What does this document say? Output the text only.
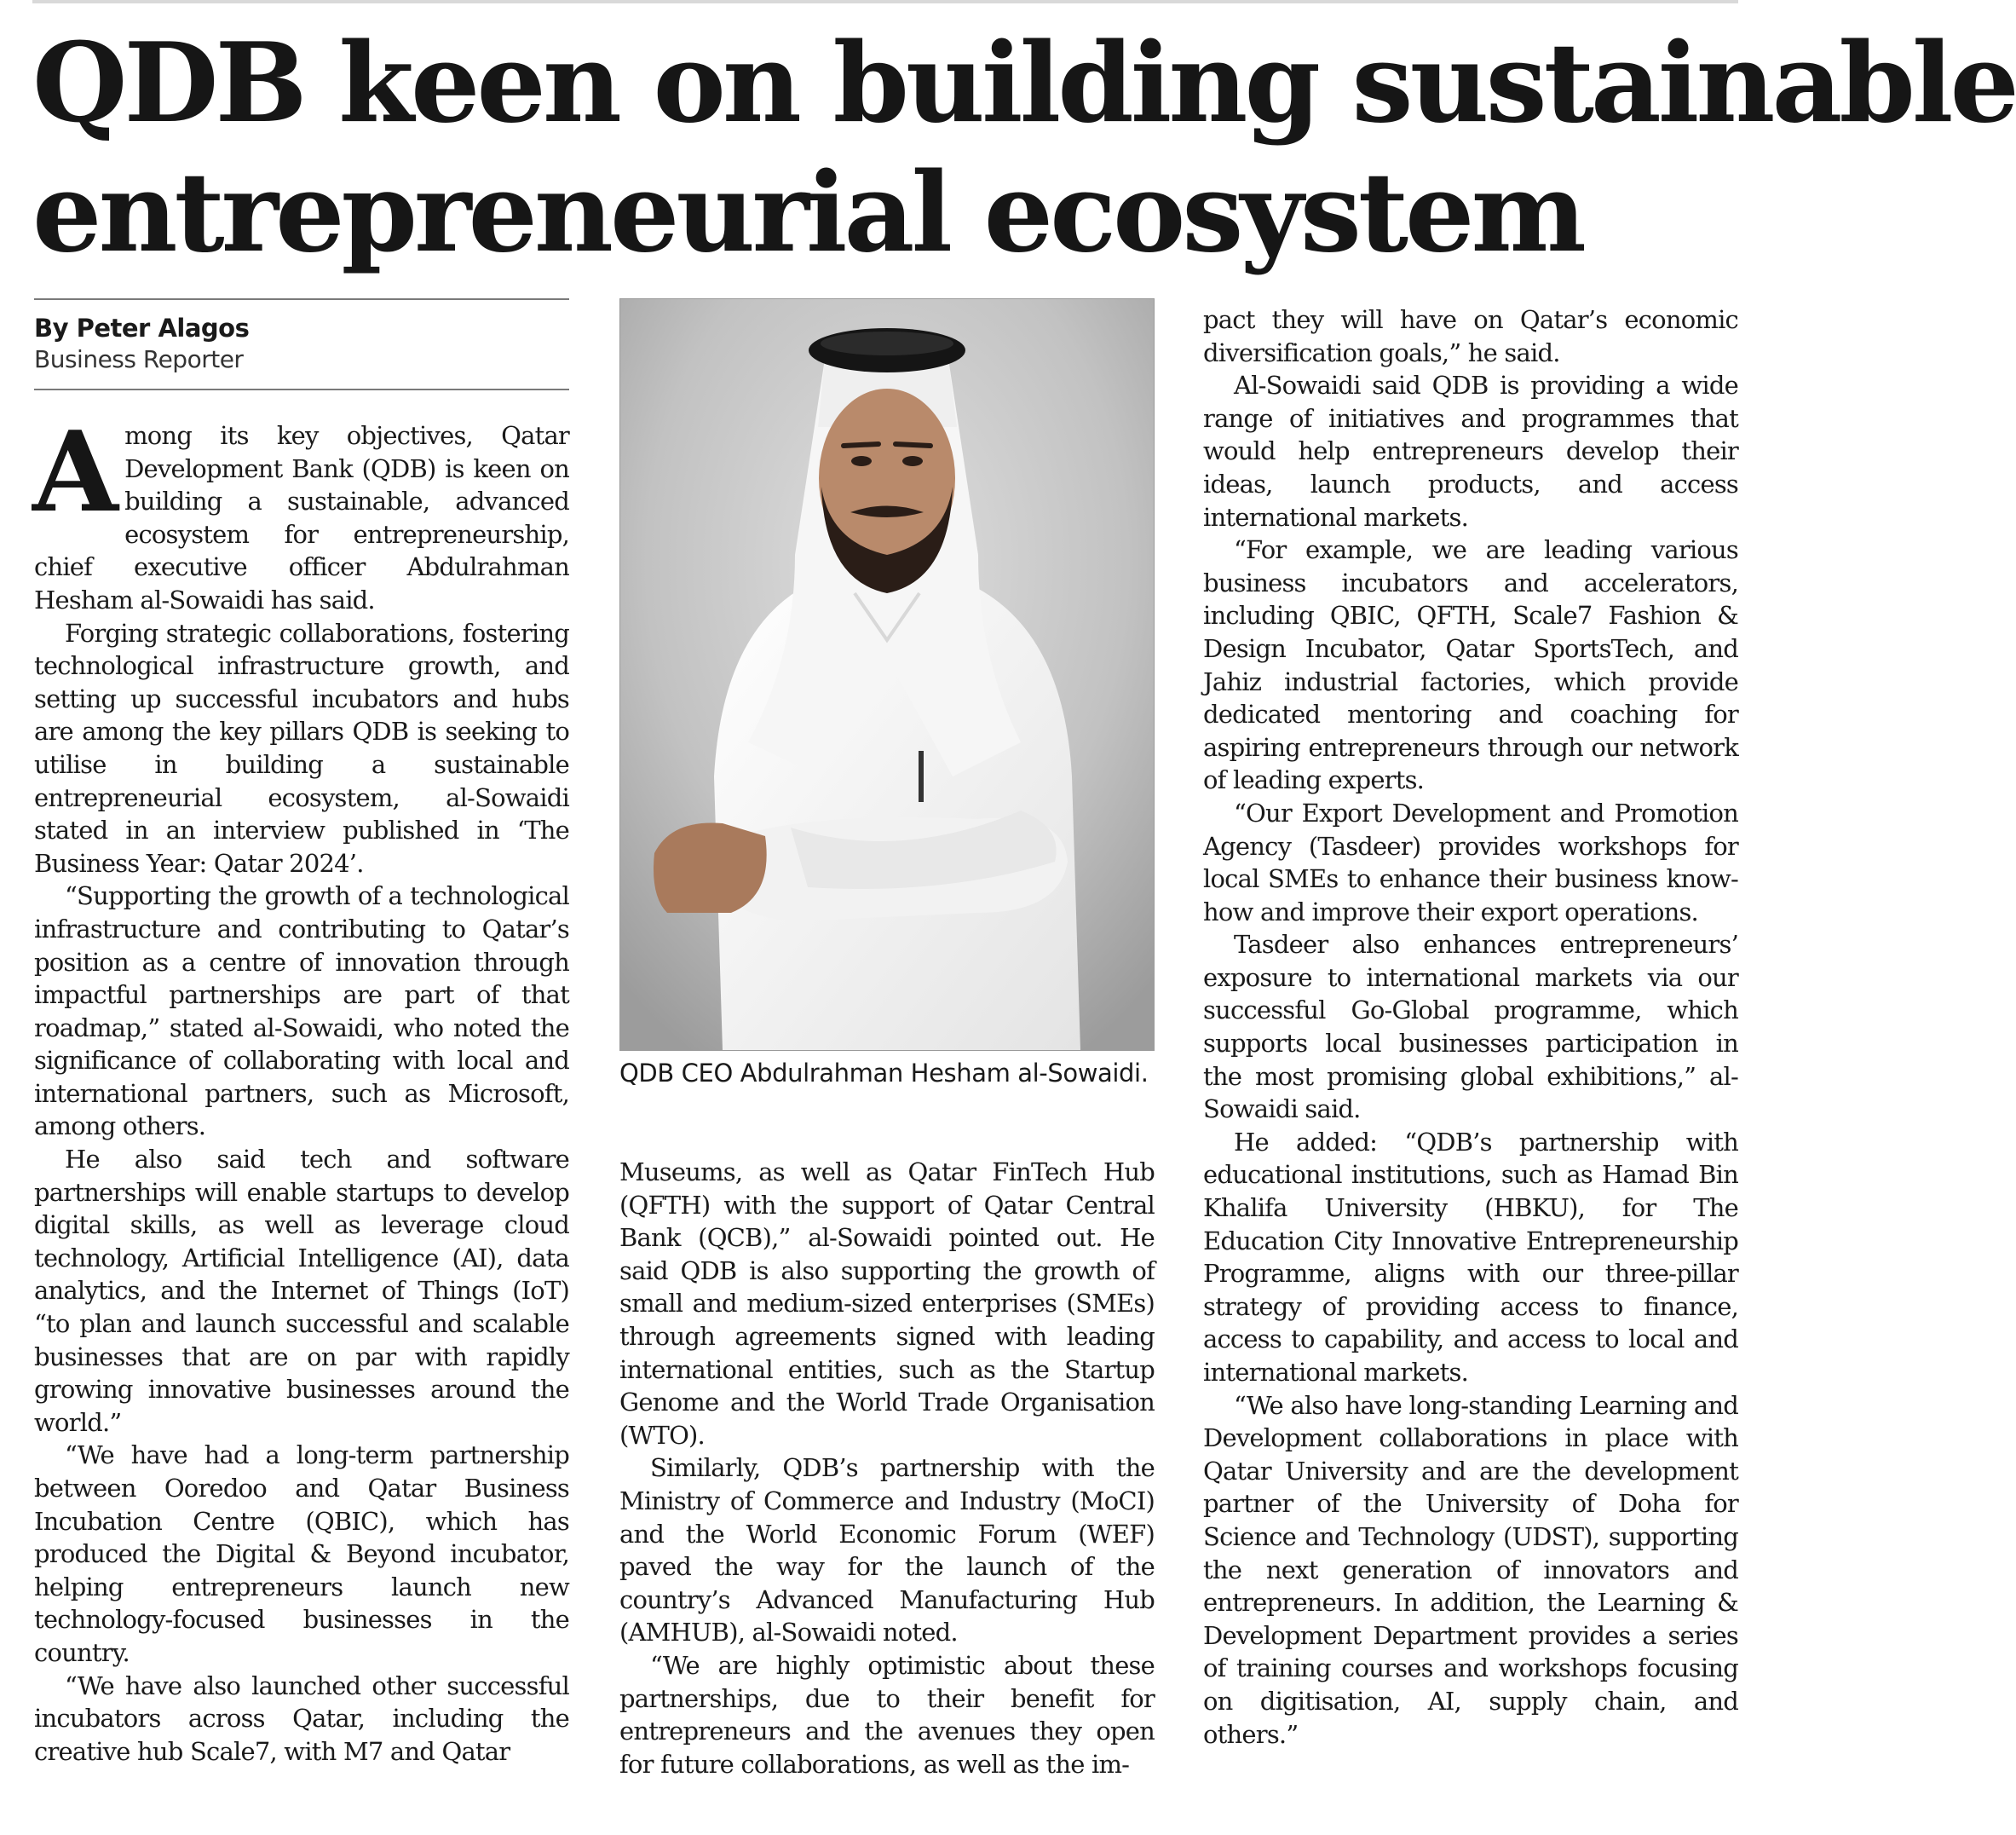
QDB keen on building sustainable
entrepreneurial ecosystem
By Peter Alagos
Business Reporter

Among its key objectives, Qatar Development Bank (QDB) is keen on building a sustainable, advanced ecosystem for entrepreneurship, chief executive officer Abdulrahman Hesham al-Sowaidi has said.

Forging strategic collaborations, fostering technological infrastructure growth, and setting up successful incubators and hubs are among the key pillars QDB is seeking to utilise in building a sustainable entrepreneurial ecosystem, al-Sowaidi stated in an interview published in ‘The Business Year: Qatar 2024’.

“Supporting the growth of a technological infrastructure and contributing to Qatar’s position as a centre of innovation through impactful partnerships are part of that roadmap,” stated al-Sowaidi, who noted the significance of collaborating with local and international partners, such as Microsoft, among others.

He also said tech and software partnerships will enable startups to develop digital skills, as well as leverage cloud technology, Artificial Intelligence (AI), data analytics, and the Internet of Things (IoT) “to plan and launch successful and scalable businesses that are on par with rapidly growing innovative businesses around the world.”

“We have had a long-term partnership between Ooredoo and Qatar Business Incubation Centre (QBIC), which has produced the Digital & Beyond incubator, helping entrepreneurs launch new technology-focused businesses in the country.

“We have also launched other successful incubators across Qatar, including the creative hub Scale7, with M7 and Qatar

QDB CEO Abdulrahman Hesham al-Sowaidi.

Museums, as well as Qatar FinTech Hub (QFTH) with the support of Qatar Central Bank (QCB),” al-Sowaidi pointed out. He said QDB is also supporting the growth of small and medium-sized enterprises (SMEs) through agreements signed with leading international entities, such as the Startup Genome and the World Trade Organisation (WTO).

Similarly, QDB’s partnership with the Ministry of Commerce and Industry (MoCI) and the World Economic Forum (WEF) paved the way for the launch of the country’s Advanced Manufacturing Hub (AMHUB), al-Sowaidi noted.

“We are highly optimistic about these partnerships, due to their benefit for entrepreneurs and the avenues they open for future collaborations, as well as the im-

pact they will have on Qatar’s economic diversification goals,” he said.

Al-Sowaidi said QDB is providing a wide range of initiatives and programmes that would help entrepreneurs develop their ideas, launch products, and access international markets.

“For example, we are leading various business incubators and accelerators, including QBIC, QFTH, Scale7 Fashion & Design Incubator, Qatar SportsTech, and Jahiz industrial factories, which provide dedicated mentoring and coaching for aspiring entrepreneurs through our network of leading experts.

“Our Export Development and Promotion Agency (Tasdeer) provides workshops for local SMEs to enhance their business know-how and improve their export operations.

Tasdeer also enhances entrepreneurs’ exposure to international markets via our successful Go-Global programme, which supports local businesses participation in the most promising global exhibitions,” al-Sowaidi said.

He added: “QDB’s partnership with educational institutions, such as Hamad Bin Khalifa University (HBKU), for The Education City Innovative Entrepreneurship Programme, aligns with our three-pillar strategy of providing access to finance, access to capability, and access to local and international markets.

“We also have long-standing Learning and Development collaborations in place with Qatar University and are the development partner of the University of Doha for Science and Technology (UDST), supporting the next generation of innovators and entrepreneurs. In addition, the Learning & Development Department provides a series of training courses and workshops focusing on digitisation, AI, supply chain, and others.”
